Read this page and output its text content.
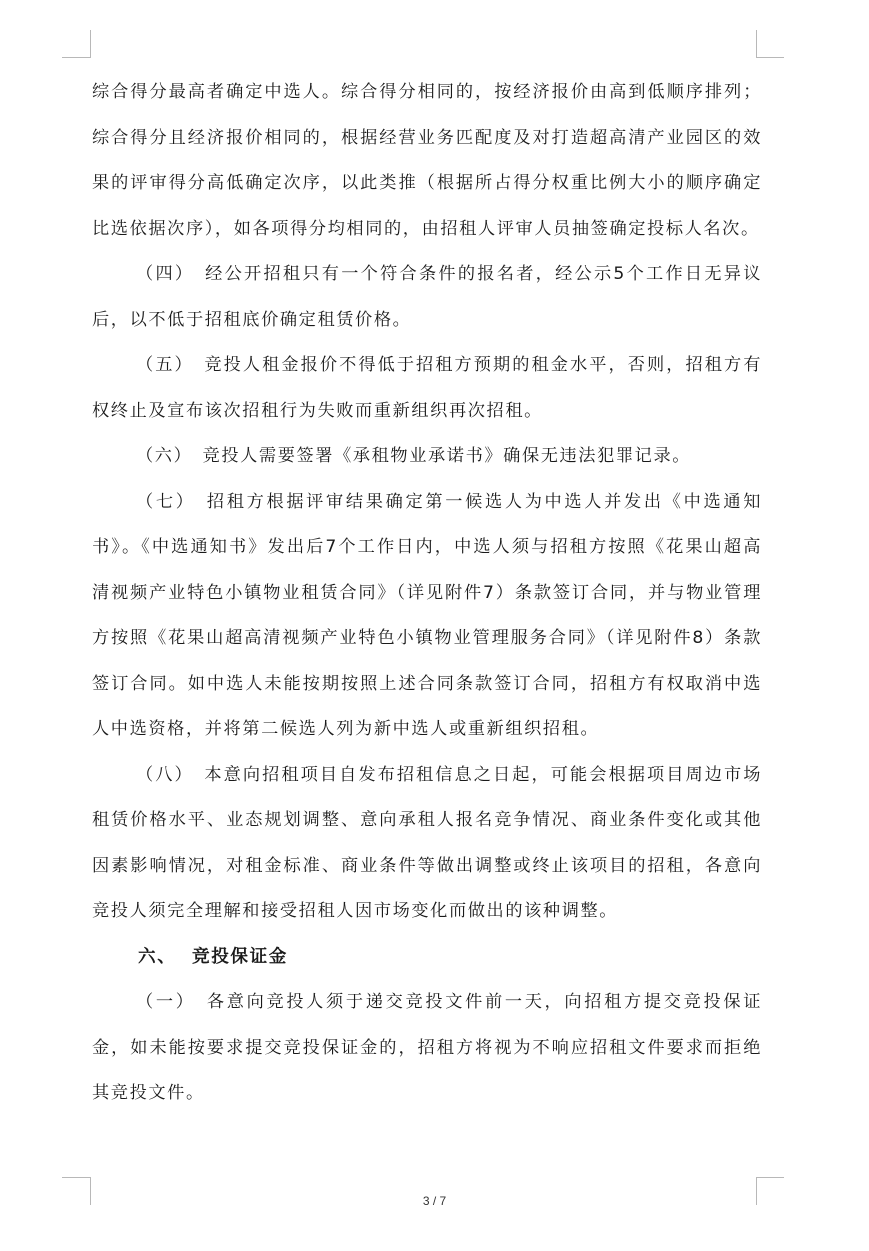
综合得分最高者确定中选人。综合得分相同的，按经济报价由高到低顺序排列；综合得分且经济报价相同的，根据经营业务匹配度及对打造超高清产业园区的效果的评审得分高低确定次序，以此类推（根据所占得分权重比例大小的顺序确定比选依据次序），如各项得分均相同的，由招租人评审人员抽签确定投标人名次。

（四）　经公开招租只有一个符合条件的报名者，经公示5个工作日无异议后，以不低于招租底价确定租赁价格。

（五）　竞投人租金报价不得低于招租方预期的租金水平，否则，招租方有权终止及宣布该次招租行为失败而重新组织再次招租。

（六）　竞投人需要签署《承租物业承诺书》确保无违法犯罪记录。

（七）　招租方根据评审结果确定第一候选人为中选人并发出《中选通知书》。《中选通知书》发出后7个工作日内，中选人须与招租方按照《花果山超高清视频产业特色小镇物业租赁合同》（详见附件7）条款签订合同，并与物业管理方按照《花果山超高清视频产业特色小镇物业管理服务合同》（详见附件8）条款签订合同。如中选人未能按期按照上述合同条款签订合同，招租方有权取消中选人中选资格，并将第二候选人列为新中选人或重新组织招租。

（八）　本意向招租项目自发布招租信息之日起，可能会根据项目周边市场租赁价格水平、业态规划调整、意向承租人报名竞争情况、商业条件变化或其他因素影响情况，对租金标准、商业条件等做出调整或终止该项目的招租，各意向竞投人须完全理解和接受招租人因市场变化而做出的该种调整。

六、 竞投保证金

（一）　各意向竞投人须于递交竞投文件前一天，向招租方提交竞投保证金，如未能按要求提交竞投保证金的，招租方将视为不响应招租文件要求而拒绝其竞投文件。

3 / 7
